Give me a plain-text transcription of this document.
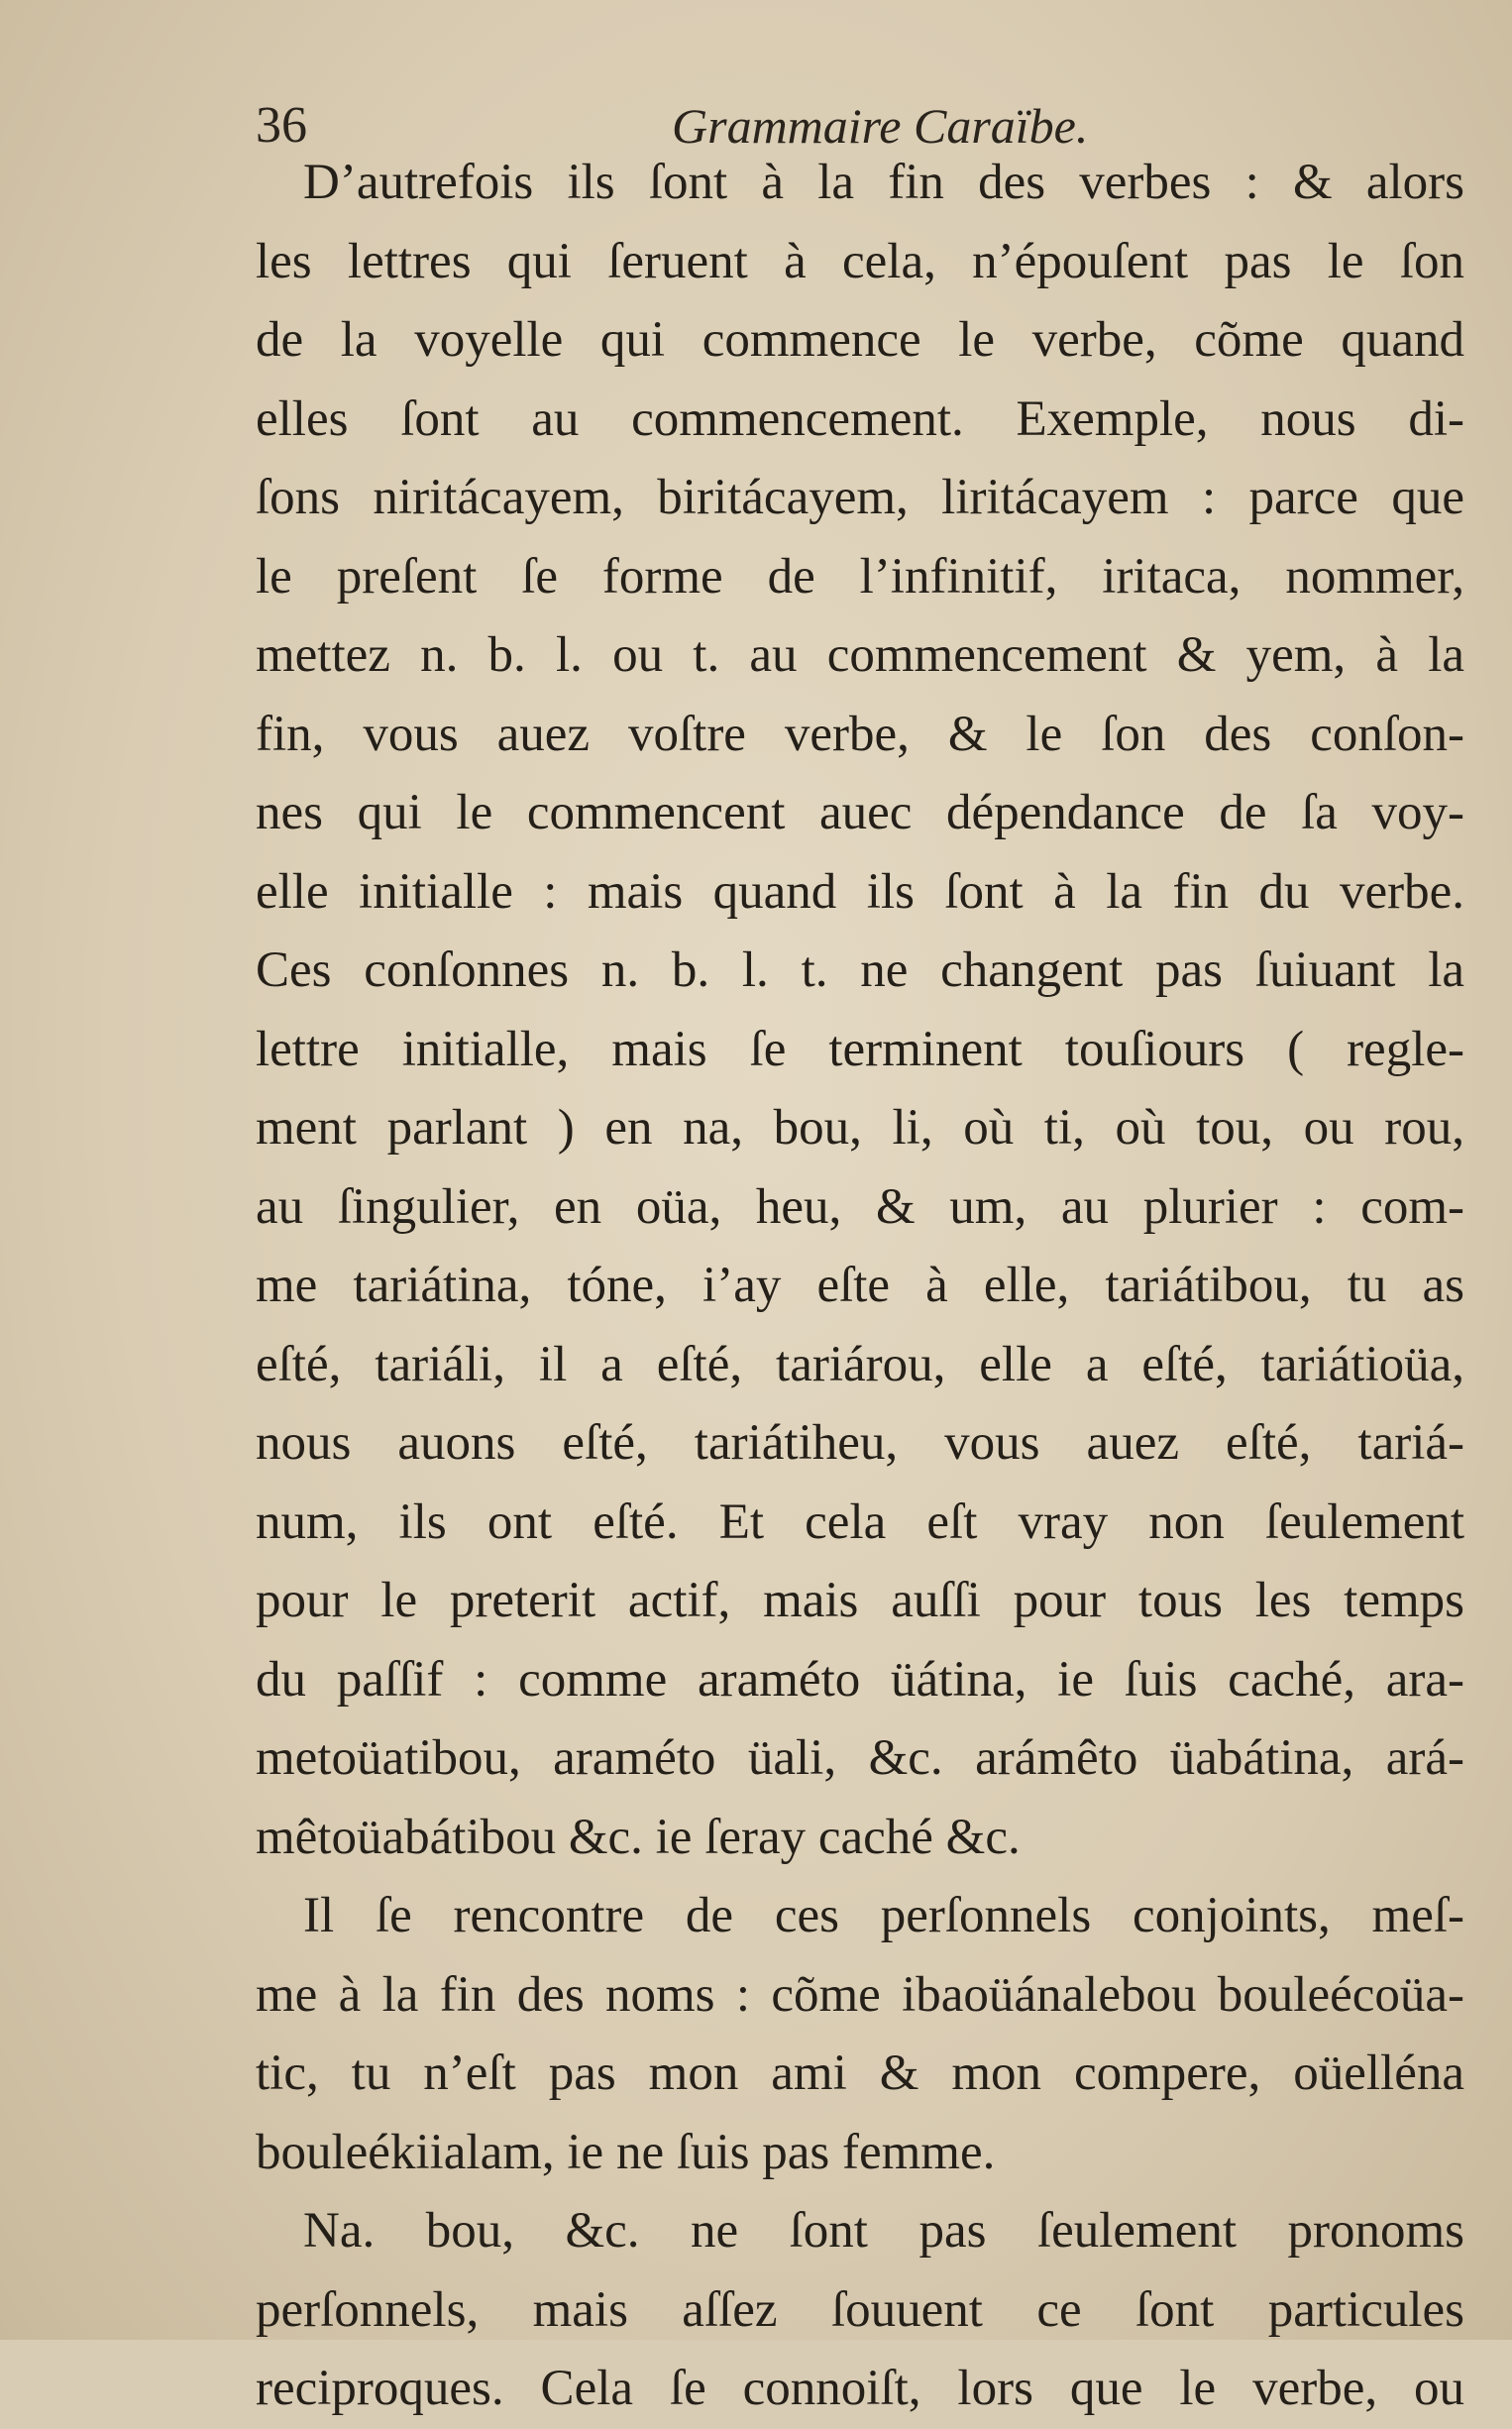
36	Grammaire Caraïbe.
D’autrefois ils ſont à la fin des verbes : & alors
les lettres qui ſeruent à cela, n’épouſent pas le ſon
de la voyelle qui commence le verbe, cõme quand
elles ſont au commencement. Exemple, nous di-
ſons niritácayem, biritácayem, liritácayem : parce que
le preſent ſe forme de l’infinitif, iritaca, nommer,
mettez n. b. l. ou t. au commencement & yem, à la
fin, vous auez voſtre verbe, & le ſon des conſon-
nes qui le commencent auec dépendance de ſa voy-
elle initialle : mais quand ils ſont à la fin du verbe.
Ces conſonnes n. b. l. t. ne changent pas ſuiuant la
lettre initialle, mais ſe terminent touſiours ( regle-
ment parlant ) en na, bou, li, où ti, où tou, ou rou,
au ſingulier, en oüa, heu, & um, au plurier : com-
me tariátina, tóne, i’ay eſte à elle, tariátibou, tu as
eſté, tariáli, il a eſté, tariárou, elle a eſté, tariátioüa,
nous auons eſté, tariátiheu, vous auez eſté, tariá-
num, ils ont eſté. Et cela eſt vray non ſeulement
pour le preterit actif, mais auſſi pour tous les temps
du paſſif : comme araméto üátina, ie ſuis caché, ara-
metoüatibou, araméto üali, &c. arámêto üabátina, ará-
mêtoüabátibou &c. ie ſeray caché &c.
Il ſe rencontre de ces perſonnels conjoints, meſ-
me à la fin des noms : cõme ibaoüánalebou bouleécoüa-
tic, tu n’eſt pas mon ami & mon compere, oüelléna
bouleékiialam, ie ne ſuis pas femme.
Na. bou, &c. ne ſont pas ſeulement pronoms
perſonnels, mais aſſez ſouuent ce ſont particules
reciproques. Cela ſe connoiſt, lors que le verbe, ou
